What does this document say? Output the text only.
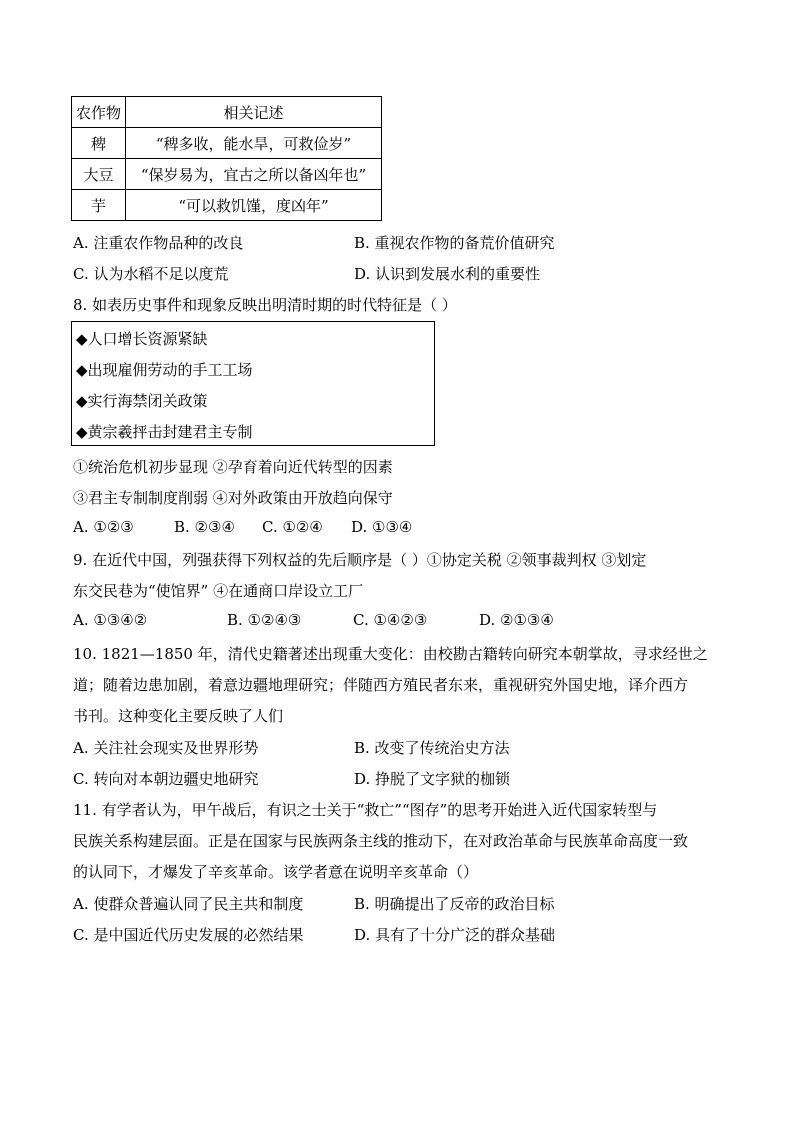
农作物	相关记述
稗	“稗多收，能水旱，可救俭岁”
大豆	“保岁易为，宜古之所以备凶年也”
芋	“可以救饥馑，度凶年”
A. 注重农作物品种的改良	B. 重视农作物的备荒价值研究
C. 认为水稻不足以度荒	D. 认识到发展水利的重要性
8. 如表历史事件和现象反映出明清时期的时代特征是（ ）
◆人口增长资源紧缺
◆出现雇佣劳动的手工工场
◆实行海禁闭关政策
◆黄宗羲抨击封建君主专制
①统治危机初步显现 ②孕育着向近代转型的因素
③君主专制制度削弱 ④对外政策由开放趋向保守
A. ①②③	B. ②③④ C. ①②④ D. ①③④
9. 在近代中国，列强获得下列权益的先后顺序是（ ）①协定关税 ②领事裁判权 ③划定
东交民巷为“使馆界” ④在通商口岸设立工厂
A. ①③④②	B. ①②④③	C. ①④②③	D. ②①③④
10. 1821—1850 年，清代史籍著述出现重大变化：由校勘古籍转向研究本朝掌故，寻求经世之
道；随着边患加剧，着意边疆地理研究；伴随西方殖民者东来，重视研究外国史地，译介西方
书刊。这种变化主要反映了人们
A. 关注社会现实及世界形势	B. 改变了传统治史方法
C. 转向对本朝边疆史地研究	D. 挣脱了文字狱的枷锁
11. 有学者认为，甲午战后，有识之士关于“救亡”“图存”的思考开始进入近代国家转型与
民族关系构建层面。正是在国家与民族两条主线的推动下，在对政治革命与民族革命高度一致
的认同下，才爆发了辛亥革命。该学者意在说明辛亥革命（）
A. 使群众普遍认同了民主共和制度	B. 明确提出了反帝的政治目标
C. 是中国近代历史发展的必然结果	D. 具有了十分广泛的群众基础
